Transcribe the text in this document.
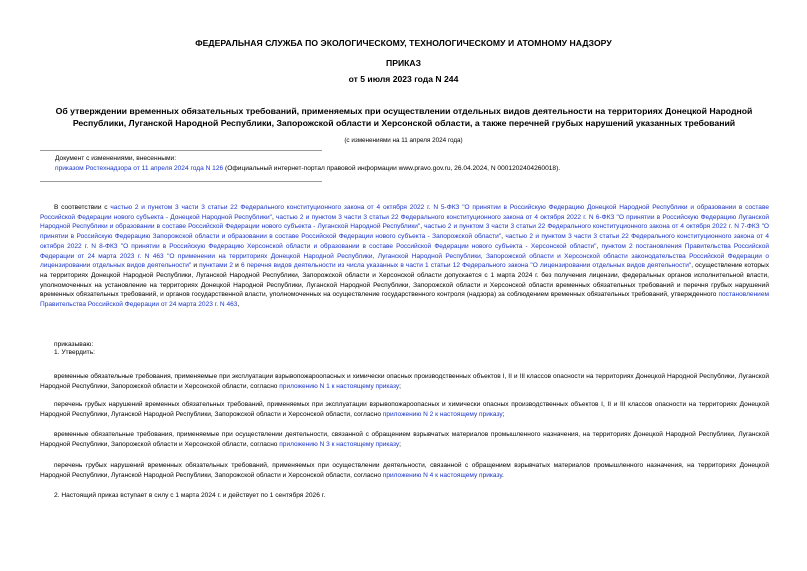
ФЕДЕРАЛЬНАЯ СЛУЖБА ПО ЭКОЛОГИЧЕСКОМУ, ТЕХНОЛОГИЧЕСКОМУ И АТОМНОМУ НАДЗОРУ
ПРИКАЗ
от 5 июля 2023 года N 244
Об утверждении временных обязательных требований, применяемых при осуществлении отдельных видов деятельности на территориях Донецкой Народной Республики, Луганской Народной Республики, Запорожской области и Херсонской области, а также перечней грубых нарушений указанных требований
(с изменениями на 11 апреля 2024 года)
Документ с изменениями, внесенными:
приказом Ростехнадзора от 11 апреля 2024 года N 126 (Официальный интернет-портал правовой информации www.pravo.gov.ru, 26.04.2024, N 0001202404260018).
В соответствии с частью 2 и пунктом 3 части 3 статьи 22 Федерального конституционного закона от 4 октября 2022 г. N 5-ФКЗ "О принятии в Российскую Федерацию Донецкой Народной Республики и образовании в составе Российской Федерации нового субъекта - Донецкой Народной Республики", частью 2 и пунктом 3 части 3 статьи 22 Федерального конституционного закона от 4 октября 2022 г. N 6-ФКЗ "О принятии в Российскую Федерацию Луганской Народной Республики и образовании в составе Российской Федерации нового субъекта - Луганской Народной Республики", частью 2 и пунктом 3 части 3 статьи 22 Федерального конституционного закона от 4 октября 2022 г. N 7-ФКЗ "О принятии в Российскую Федерацию Запорожской области и образовании в составе Российской Федерации нового субъекта - Запорожской области", частью 2 и пунктом 3 части 3 статьи 22 Федерального конституционного закона от 4 октября 2022 г. N 8-ФКЗ "О принятии в Российскую Федерацию Херсонской области и образовании в составе Российской Федерации нового субъекта - Херсонской области", пунктом 2 постановления Правительства Российской Федерации от 24 марта 2023 г. N 463 "О применении на территориях Донецкой Народной Республики, Луганской Народной Республики, Запорожской области и Херсонской области законодательства Российской Федерации о лицензировании отдельных видов деятельности" и пунктами 2 и 6 перечня видов деятельности из числа указанных в части 1 статьи 12 Федерального закона "О лицензировании отдельных видов деятельности", осуществление которых на территориях Донецкой Народной Республики, Луганской Народной Республики, Запорожской области и Херсонской области допускается с 1 марта 2024 г. без получения лицензии, федеральных органов исполнительной власти, уполномоченных на установление на территориях Донецкой Народной Республики, Луганской Народной Республики, Запорожской области и Херсонской области временных обязательных требований и перечня грубых нарушений временных обязательных требований, и органов государственной власти, уполномоченных на осуществление государственного контроля (надзора) за соблюдением временных обязательных требований, утвержденного постановлением Правительства Российской Федерации от 24 марта 2023 г. N 463,
приказываю:
1. Утвердить:
временные обязательные требования, применяемые при эксплуатации взрывопожароопасных и химически опасных производственных объектов I, II и III классов опасности на территориях Донецкой Народной Республики, Луганской Народной Республики, Запорожской области и Херсонской области, согласно приложению N 1 к настоящему приказу;
перечень грубых нарушений временных обязательных требований, применяемых при эксплуатации взрывопожароопасных и химически опасных производственных объектов I, II и III классов опасности на территориях Донецкой Народной Республики, Луганской Народной Республики, Запорожской области и Херсонской области, согласно приложению N 2 к настоящему приказу;
временные обязательные требования, применяемые при осуществлении деятельности, связанной с обращением взрывчатых материалов промышленного назначения, на территориях Донецкой Народной Республики, Луганской Народной Республики, Запорожской области и Херсонской области, согласно приложению N 3 к настоящему приказу;
перечень грубых нарушений временных обязательных требований, применяемых при осуществлении деятельности, связанной с обращением взрывчатых материалов промышленного назначения, на территориях Донецкой Народной Республики, Луганской Народной Республики, Запорожской области и Херсонской области, согласно приложению N 4 к настоящему приказу.
2. Настоящий приказ вступает в силу с 1 марта 2024 г. и действует по 1 сентября 2026 г.
